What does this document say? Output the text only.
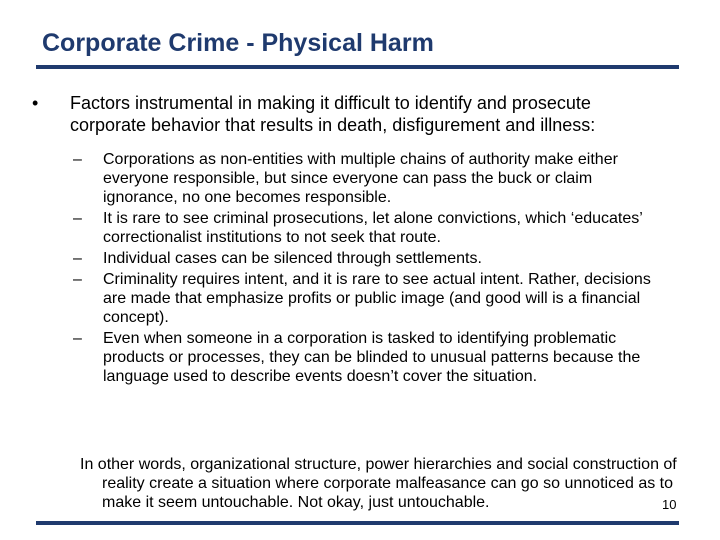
Corporate Crime - Physical Harm
• Factors instrumental in making it difficult to identify and prosecute corporate behavior that results in death, disfigurement and illness:
– Corporations as non-entities with multiple chains of authority make either everyone responsible, but since everyone can pass the buck or claim ignorance, no one becomes responsible.
– It is rare to see criminal prosecutions, let alone convictions, which ‘educates’ correctionalist institutions to not seek that route.
– Individual cases can be silenced through settlements.
– Criminality requires intent, and it is rare to see actual intent. Rather, decisions are made that emphasize profits or public image (and good will is a financial concept).
– Even when someone in a corporation is tasked to identifying problematic products or processes, they can be blinded to unusual patterns because the language used to describe events doesn’t cover the situation.

In other words, organizational structure, power hierarchies and social construction of reality create a situation where corporate malfeasance can go so unnoticed as to make it seem untouchable. Not okay, just untouchable.	10
